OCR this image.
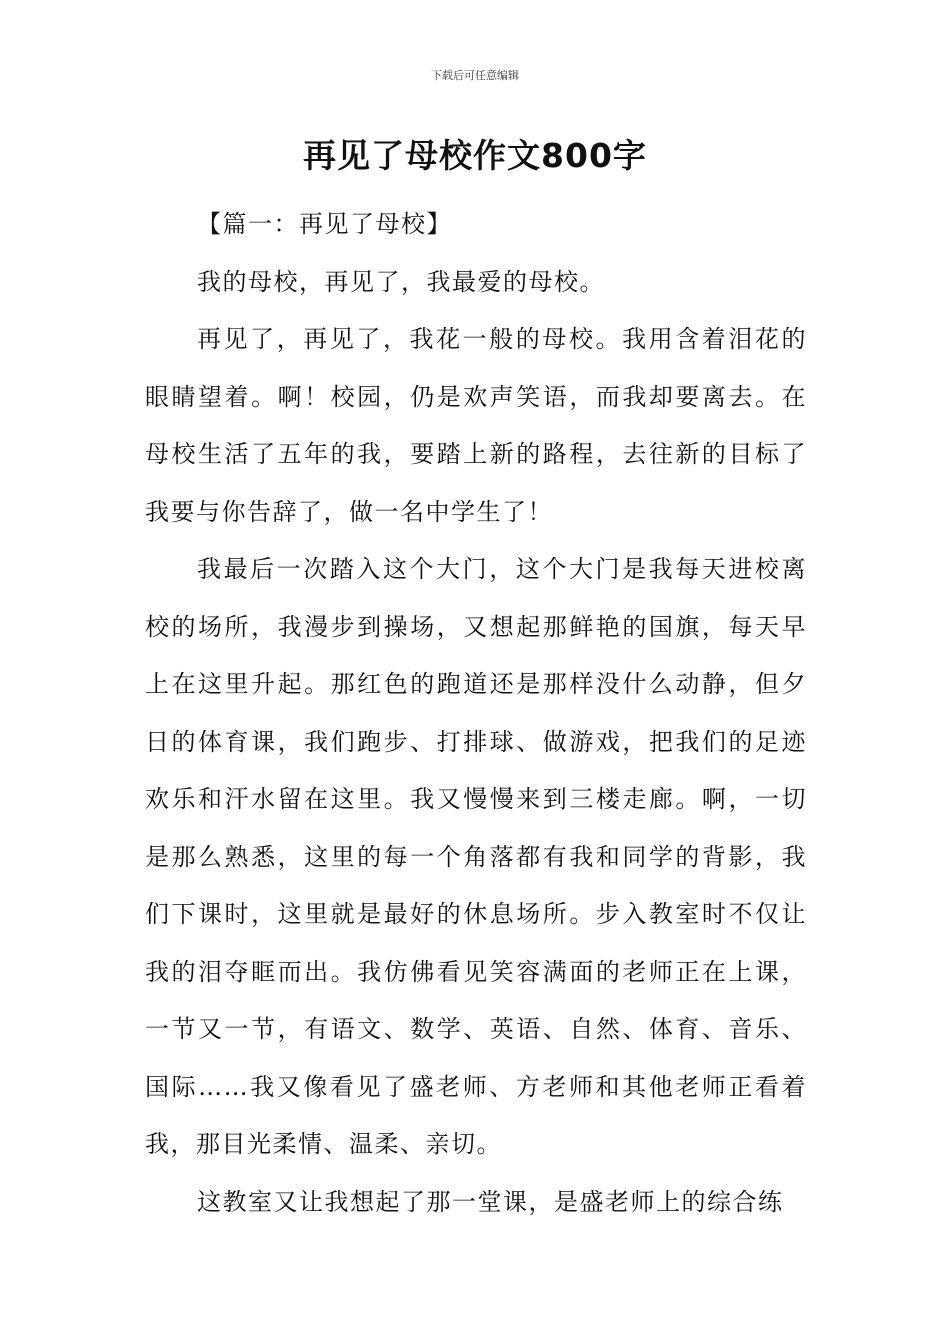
下载后可任意编辑
再见了母校作文800字

【篇一：再见了母校】

我的母校，再见了，我最爱的母校。

再见了，再见了，我花一般的母校。我用含着泪花的眼睛望着。啊！校园，仍是欢声笑语，而我却要离去。在母校生活了五年的我，要踏上新的路程，去往新的目标了我要与你告辞了，做一名中学生了！

我最后一次踏入这个大门，这个大门是我每天进校离校的场所，我漫步到操场，又想起那鲜艳的国旗，每天早上在这里升起。那红色的跑道还是那样没什么动静，但夕日的体育课，我们跑步、打排球、做游戏，把我们的足迹欢乐和汗水留在这里。我又慢慢来到三楼走廊。啊，一切是那么熟悉，这里的每一个角落都有我和同学的背影，我们下课时，这里就是最好的休息场所。步入教室时不仅让我的泪夺眶而出。我仿佛看见笑容满面的老师正在上课，一节又一节，有语文、数学、英语、自然、体育、音乐、国际……我又像看见了盛老师、方老师和其他老师正看着我，那目光柔情、温柔、亲切。

这教室又让我想起了那一堂课，是盛老师上的综合练
